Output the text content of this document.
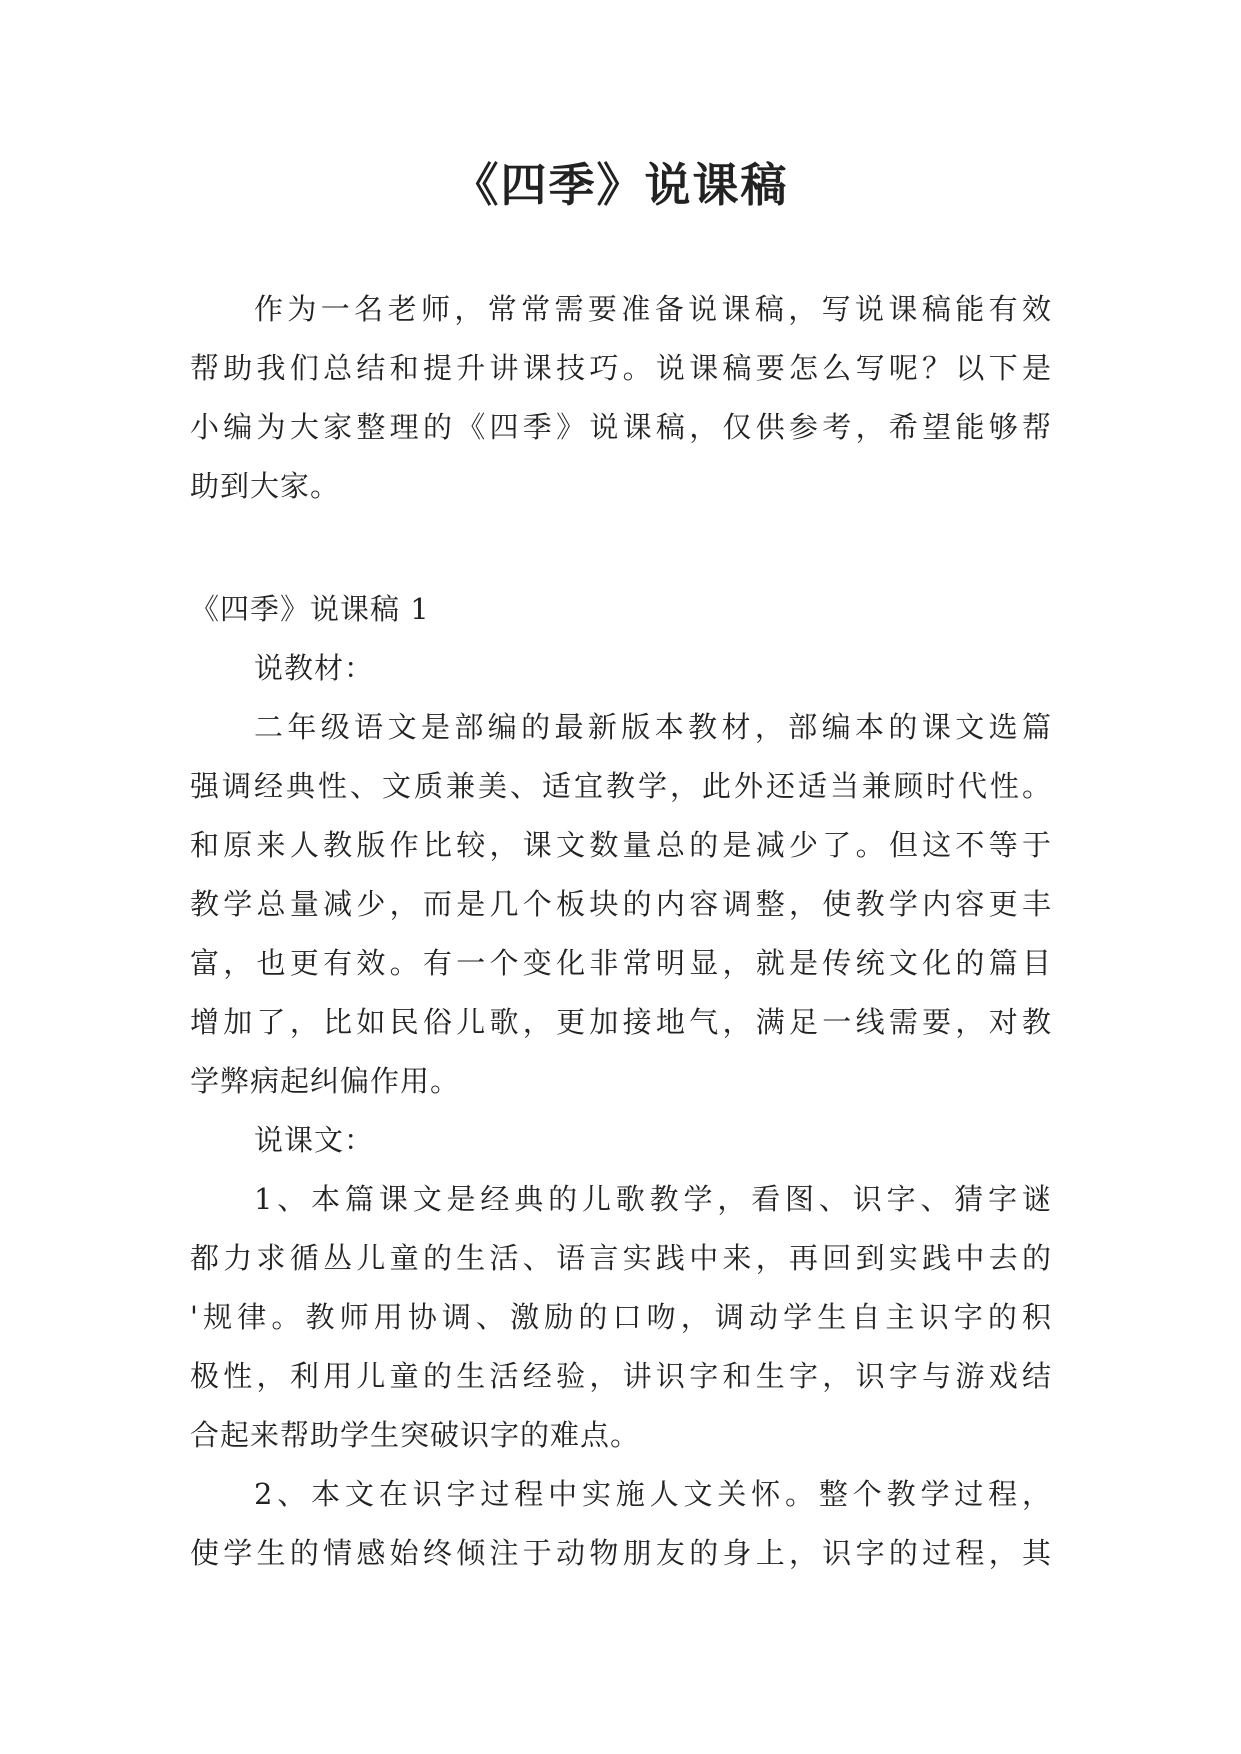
《四季》说课稿
作为一名老师，常常需要准备说课稿，写说课稿能有效
帮助我们总结和提升讲课技巧。说课稿要怎么写呢？以下是
小编为大家整理的《四季》说课稿，仅供参考，希望能够帮
助到大家。
《四季》说课稿 1
说教材：
二年级语文是部编的最新版本教材，部编本的课文选篇
强调经典性、文质兼美、适宜教学，此外还适当兼顾时代性。
和原来人教版作比较，课文数量总的是减少了。但这不等于
教学总量减少，而是几个板块的内容调整，使教学内容更丰
富，也更有效。有一个变化非常明显，就是传统文化的篇目
增加了，比如民俗儿歌，更加接地气，满足一线需要，对教
学弊病起纠偏作用。
说课文：
1、本篇课文是经典的儿歌教学，看图、识字、猜字谜
都力求循丛儿童的生活、语言实践中来，再回到实践中去的
'规律。教师用协调、激励的口吻，调动学生自主识字的积
极性，利用儿童的生活经验，讲识字和生字，识字与游戏结
合起来帮助学生突破识字的难点。
2、本文在识字过程中实施人文关怀。整个教学过程，
使学生的情感始终倾注于动物朋友的身上，识字的过程，其
